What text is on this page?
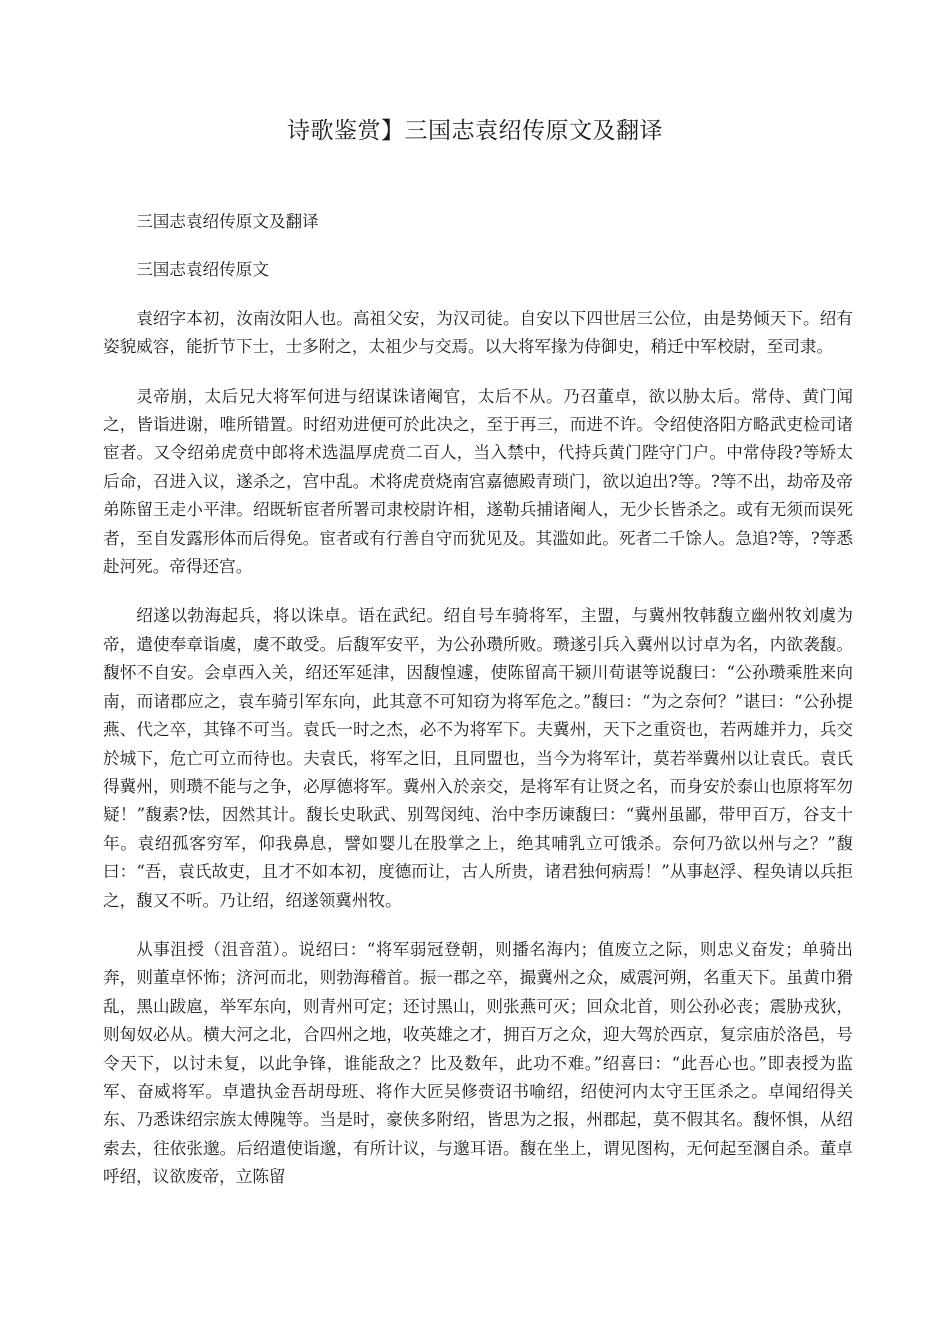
诗歌鉴赏】三国志袁绍传原文及翻译

三国志袁绍传原文及翻译

三国志袁绍传原文

袁绍字本初，汝南汝阳人也。高祖父安，为汉司徒。自安以下四世居三公位，由是势倾天下。绍有姿貌威容，能折节下士，士多附之，太祖少与交焉。以大将军掾为侍御史，稍迁中军校尉，至司隶。

灵帝崩，太后兄大将军何进与绍谋诛诸阉官，太后不从。乃召董卓，欲以胁太后。常侍、黄门闻之，皆诣进谢，唯所错置。时绍劝进便可於此决之，至于再三，而进不许。令绍使洛阳方略武吏检司诸宦者。又令绍弟虎贲中郎将术选温厚虎贲二百人，当入禁中，代持兵黄门陛守门户。中常侍段?等矫太后命，召进入议，遂杀之，宫中乱。术将虎贲烧南宫嘉德殿青琐门，欲以迫出?等。?等不出，劫帝及帝弟陈留王走小平津。绍既斩宦者所署司隶校尉许相，遂勒兵捕诸阉人，无少长皆杀之。或有无须而误死者，至自发露形体而后得免。宦者或有行善自守而犹见及。其滥如此。死者二千馀人。急追?等，?等悉赴河死。帝得还宫。

绍遂以勃海起兵，将以诛卓。语在武纪。绍自号车骑将军，主盟，与冀州牧韩馥立幽州牧刘虞为帝，遣使奉章诣虞，虞不敢受。后馥军安平，为公孙瓒所败。瓒遂引兵入冀州以讨卓为名，内欲袭馥。馥怀不自安。会卓西入关，绍还军延津，因馥惶遽，使陈留高干颍川荀谌等说馥曰：“公孙瓒乘胜来向南，而诸郡应之，袁车骑引军东向，此其意不可知窃为将军危之。”馥曰：“为之奈何？”谌曰：“公孙提燕、代之卒，其锋不可当。袁氏一时之杰，必不为将军下。夫冀州，天下之重资也，若两雄并力，兵交於城下，危亡可立而待也。夫袁氏，将军之旧，且同盟也，当今为将军计，莫若举冀州以让袁氏。袁氏得冀州，则瓒不能与之争，必厚德将军。冀州入於亲交，是将军有让贤之名，而身安於泰山也原将军勿疑！”馥素?怯，因然其计。馥长史耿武、别驾闵纯、治中李历谏馥曰：“冀州虽鄙，带甲百万，谷支十年。袁绍孤客穷军，仰我鼻息，譬如婴儿在股掌之上，绝其哺乳立可饿杀。奈何乃欲以州与之？”馥曰：“吾，袁氏故吏，且才不如本初，度德而让，古人所贵，诸君独何病焉！”从事赵浮、程奂请以兵拒之，馥又不听。乃让绍，绍遂领冀州牧。

从事沮授（沮音菹）。说绍曰：“将军弱冠登朝，则播名海内；值废立之际，则忠义奋发；单骑出奔，则董卓怀怖；济河而北，则勃海稽首。振一郡之卒，撮冀州之众，威震河朔，名重天下。虽黄巾猾乱，黑山跋扈，举军东向，则青州可定；还讨黑山，则张燕可灭；回众北首，则公孙必丧；震胁戎狄，则匈奴必从。横大河之北，合四州之地，收英雄之才，拥百万之众，迎大驾於西京，复宗庙於洛邑，号令天下，以讨未复，以此争锋，谁能敌之？比及数年，此功不难。”绍喜曰：“此吾心也。”即表授为监军、奋威将军。卓遣执金吾胡母班、将作大匠吴修赍诏书喻绍，绍使河内太守王匡杀之。卓闻绍得关东、乃悉诛绍宗族太傅隗等。当是时，豪侠多附绍，皆思为之报，州郡起，莫不假其名。馥怀惧，从绍索去，往依张邈。后绍遣使诣邈，有所计议，与邈耳语。馥在坐上，谓见图构，无何起至溷自杀。董卓呼绍，议欲废帝，立陈留
